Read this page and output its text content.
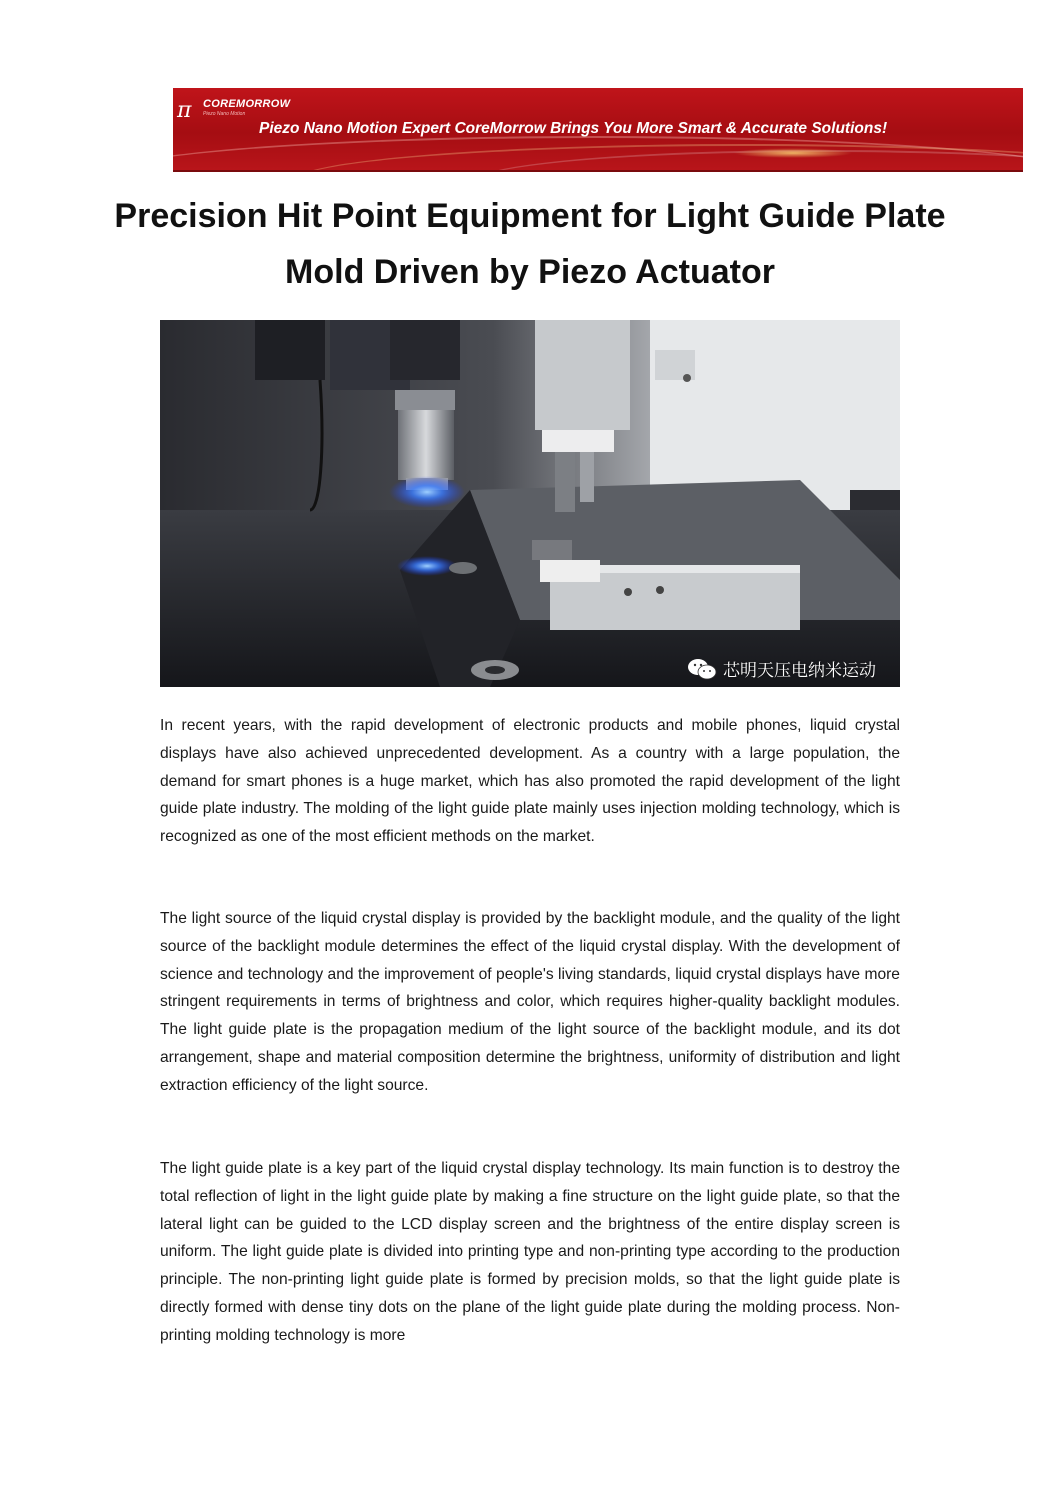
π	COREMORROW
Piezo Nano Motion
Piezo Nano Motion Expert CoreMorrow Brings You More Smart & Accurate Solutions!
Precision Hit Point Equipment for Light Guide Plate Mold Driven by Piezo Actuator
芯明天压电纳米运动

In recent years, with the rapid development of electronic products and mobile phones, liquid crystal displays have also achieved unprecedented development. As a country with a large population, the demand for smart phones is a huge market, which has also promoted the rapid development of the light guide plate industry. The molding of the light guide plate mainly uses injection molding technology, which is recognized as one of the most efficient methods on the market.

The light source of the liquid crystal display is provided by the backlight module, and the quality of the light source of the backlight module determines the effect of the liquid crystal display. With the development of science and technology and the improvement of people's living standards, liquid crystal displays have more stringent requirements in terms of brightness and color, which requires higher-quality backlight modules. The light guide plate is the propagation medium of the light source of the backlight module, and its dot arrangement, shape and material composition determine the brightness, uniformity of distribution and light extraction efficiency of the light source.

The light guide plate is a key part of the liquid crystal display technology. Its main function is to destroy the total reflection of light in the light guide plate by making a fine structure on the light guide plate, so that the lateral light can be guided to the LCD display screen and the brightness of the entire display screen is uniform. The light guide plate is divided into printing type and non-printing type according to the production principle. The non-printing light guide plate is formed by precision molds, so that the light guide plate is directly formed with dense tiny dots on the plane of the light guide plate during the molding process. Non-printing molding technology is more
